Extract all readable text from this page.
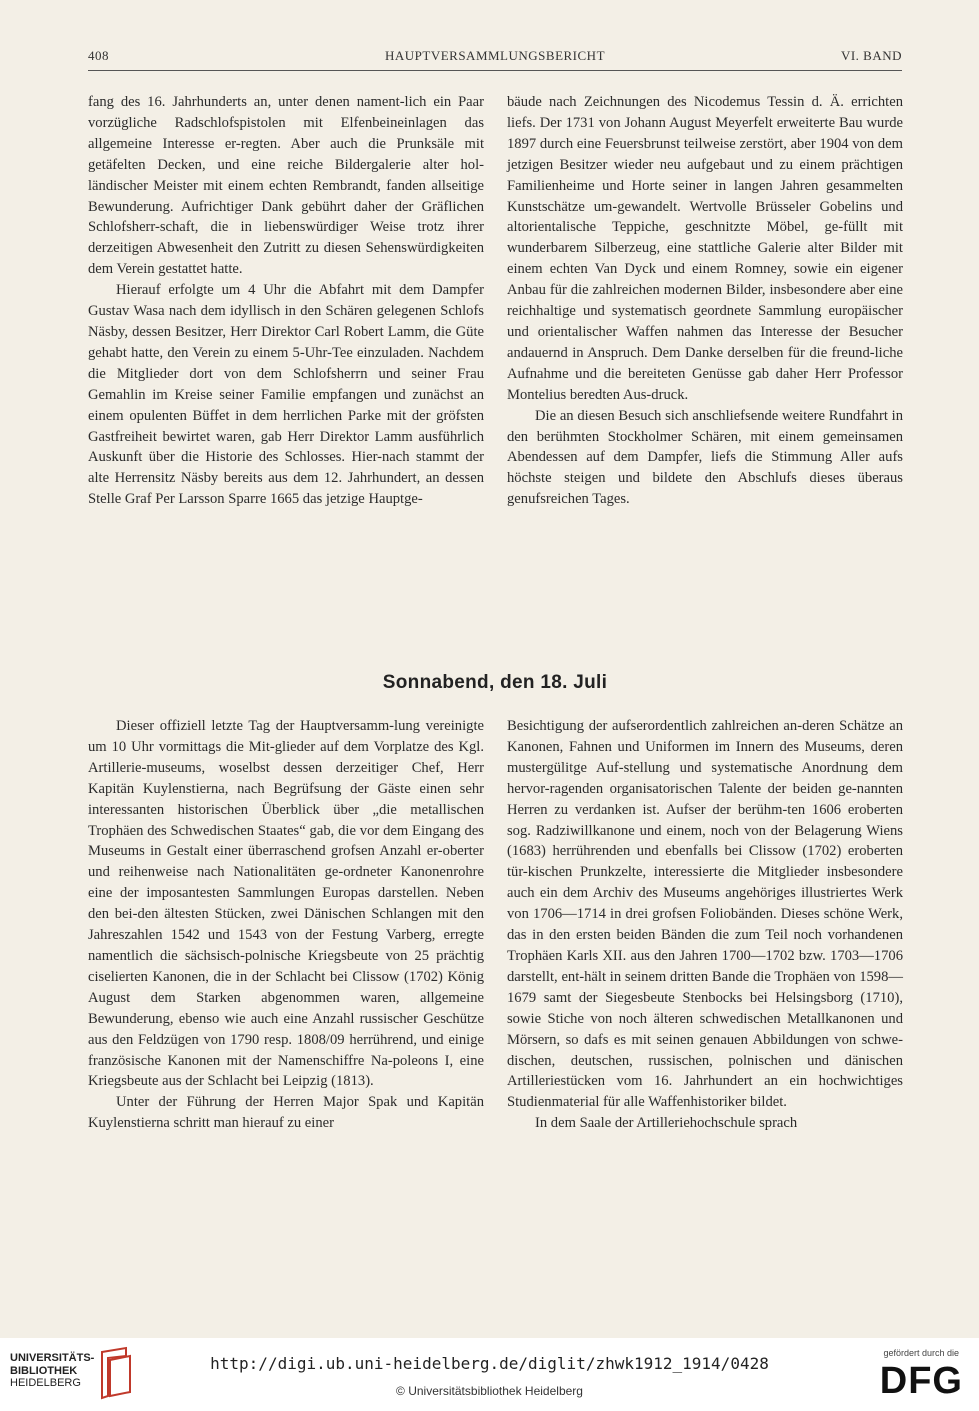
408	HAUPTVERSAMMLUNGSBERICHT	VI. BAND

fang des 16. Jahrhunderts an, unter denen nament-lich ein Paar vorzügliche Radschlofspistolen mit Elfenbeineinlagen das allgemeine Interesse er-regten. Aber auch die Prunksäle mit getäfelten Decken, und eine reiche Bildergalerie alter hol-ländischer Meister mit einem echten Rembrandt, fanden allseitige Bewunderung. Aufrichtiger Dank gebührt daher der Gräflichen Schlofsherr-schaft, die in liebenswürdiger Weise trotz ihrer derzeitigen Abwesenheit den Zutritt zu diesen Sehenswürdigkeiten dem Verein gestattet hatte.

Hierauf erfolgte um 4 Uhr die Abfahrt mit dem Dampfer Gustav Wasa nach dem idyllisch in den Schären gelegenen Schlofs Näsby, dessen Besitzer, Herr Direktor Carl Robert Lamm, die Güte gehabt hatte, den Verein zu einem 5-Uhr-Tee einzuladen. Nachdem die Mitglieder dort von dem Schlofsherrn und seiner Frau Gemahlin im Kreise seiner Familie empfangen und zunächst an einem opulenten Büffet in dem herrlichen Parke mit der gröfsten Gastfreiheit bewirtet waren, gab Herr Direktor Lamm ausführlich Auskunft über die Historie des Schlosses. Hier-nach stammt der alte Herrensitz Näsby bereits aus dem 12. Jahrhundert, an dessen Stelle Graf Per Larsson Sparre 1665 das jetzige Hauptge-

bäude nach Zeichnungen des Nicodemus Tessin d. Ä. errichten liefs. Der 1731 von Johann August Meyerfelt erweiterte Bau wurde 1897 durch eine Feuersbrunst teilweise zerstört, aber 1904 von dem jetzigen Besitzer wieder neu aufgebaut und zu einem prächtigen Familienheime und Horte seiner in langen Jahren gesammelten Kunstschätze um-gewandelt. Wertvolle Brüsseler Gobelins und altorientalische Teppiche, geschnitzte Möbel, ge-füllt mit wunderbarem Silberzeug, eine stattliche Galerie alter Bilder mit einem echten Van Dyck und einem Romney, sowie ein eigener Anbau für die zahlreichen modernen Bilder, insbesondere aber eine reichhaltige und systematisch geordnete Sammlung europäischer und orientalischer Waffen nahmen das Interesse der Besucher andauernd in Anspruch. Dem Danke derselben für die freund-liche Aufnahme und die bereiteten Genüsse gab daher Herr Professor Montelius beredten Aus-druck.

Die an diesen Besuch sich anschliefsende weitere Rundfahrt in den berühmten Stockholmer Schären, mit einem gemeinsamen Abendessen auf dem Dampfer, liefs die Stimmung Aller aufs höchste steigen und bildete den Abschlufs dieses überaus genufsreichen Tages.

Sonnabend, den 18. Juli

Dieser offiziell letzte Tag der Hauptversamm-lung vereinigte um 10 Uhr vormittags die Mit-glieder auf dem Vorplatze des Kgl. Artillerie-museums, woselbst dessen derzeitiger Chef, Herr Kapitän Kuylenstierna, nach Begrüfsung der Gäste einen sehr interessanten historischen Überblick über „die metallischen Trophäen des Schwedischen Staates“ gab, die vor dem Eingang des Museums in Gestalt einer überraschend grofsen Anzahl er-oberter und reihenweise nach Nationalitäten ge-ordneter Kanonenrohre eine der imposantesten Sammlungen Europas darstellen. Neben den bei-den ältesten Stücken, zwei Dänischen Schlangen mit den Jahreszahlen 1542 und 1543 von der Festung Varberg, erregte namentlich die sächsisch-polnische Kriegsbeute von 25 prächtig ciselierten Kanonen, die in der Schlacht bei Clissow (1702) König August dem Starken abgenommen waren, allgemeine Bewunderung, ebenso wie auch eine Anzahl russischer Geschütze aus den Feldzügen von 1790 resp. 1808/09 herrührend, und einige französische Kanonen mit der Namenschiffre Na-poleons I, eine Kriegsbeute aus der Schlacht bei Leipzig (1813).

Unter der Führung der Herren Major Spak und Kapitän Kuylenstierna schritt man hierauf zu einer

Besichtigung der aufserordentlich zahlreichen an-deren Schätze an Kanonen, Fahnen und Uniformen im Innern des Museums, deren mustergülitge Auf-stellung und systematische Anordnung dem hervor-ragenden organisatorischen Talente der beiden ge-nannten Herren zu verdanken ist. Aufser der berühm-ten 1606 eroberten sog. Radziwillkanone und einem, noch von der Belagerung Wiens (1683) herrührenden und ebenfalls bei Clissow (1702) eroberten tür-kischen Prunkzelte, interessierte die Mitglieder insbesondere auch ein dem Archiv des Museums angehöriges illustriertes Werk von 1706—1714 in drei grofsen Foliobänden. Dieses schöne Werk, das in den ersten beiden Bänden die zum Teil noch vorhandenen Trophäen Karls XII. aus den Jahren 1700—1702 bzw. 1703—1706 darstellt, ent-hält in seinem dritten Bande die Trophäen von 1598—1679 samt der Siegesbeute Stenbocks bei Helsingsborg (1710), sowie Stiche von noch älteren schwedischen Metallkanonen und Mörsern, so dafs es mit seinen genauen Abbildungen von schwe-dischen, deutschen, russischen, polnischen und dänischen Artilleriestücken vom 16. Jahrhundert an ein hochwichtiges Studienmaterial für alle Waffenhistoriker bildet.

In dem Saale der Artilleriehochschule sprach

UNIVERSITÄTS-
BIBLIOTHEK
HEIDELBERG
http://digi.ub.uni-heidelberg.de/diglit/zhwk1912_1914/0428
© Universitätsbibliothek Heidelberg
gefördert durch die
DFG
